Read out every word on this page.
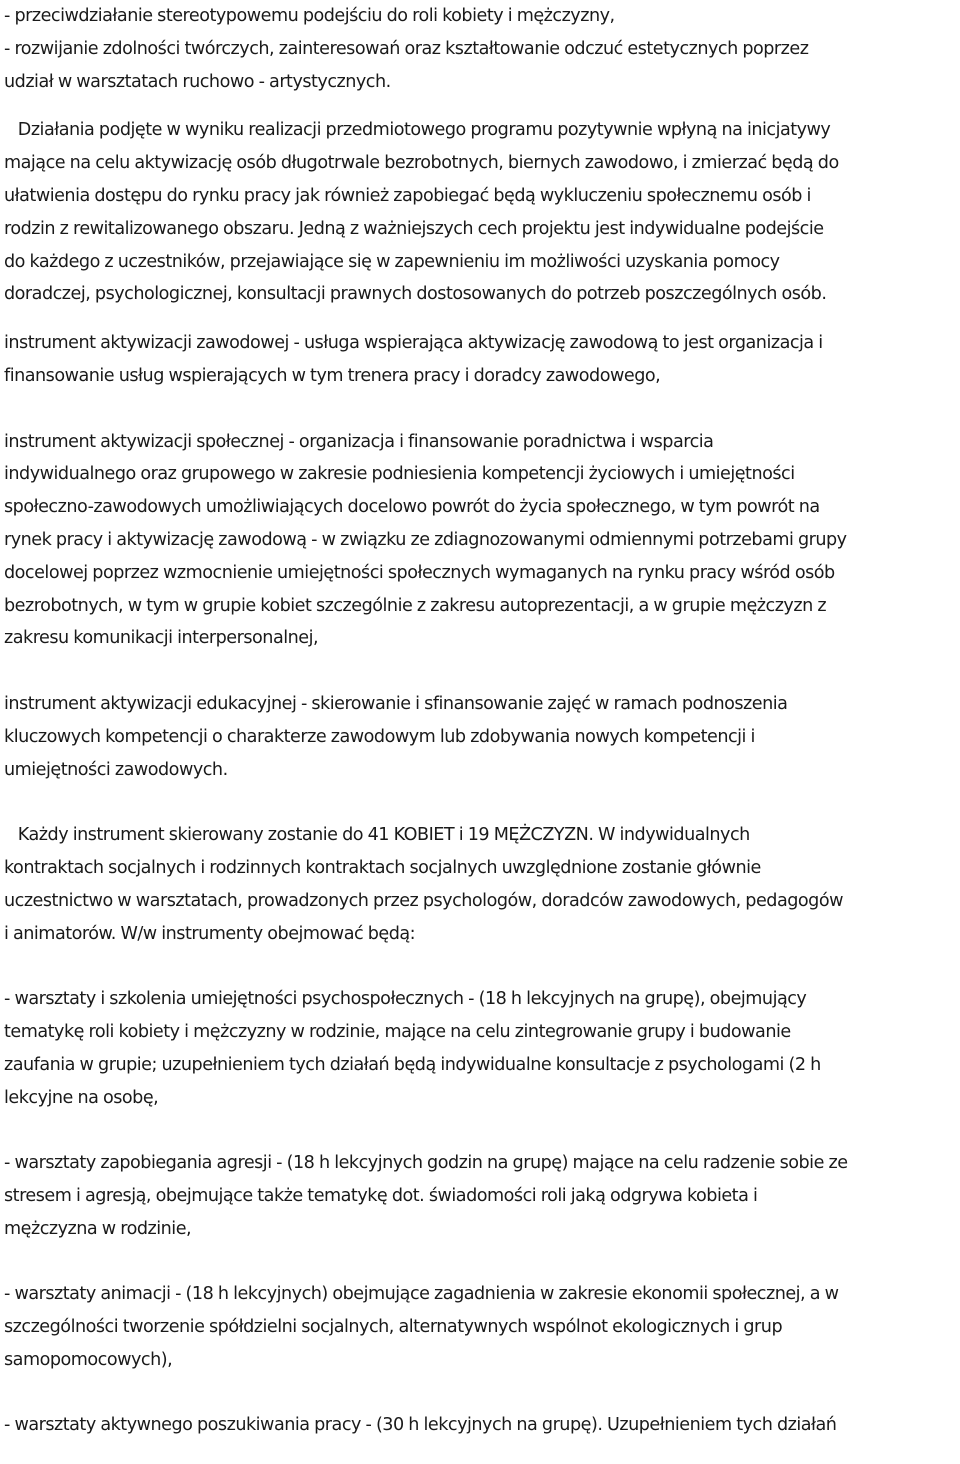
- przeciwdziałanie stereotypowemu podejściu do roli kobiety i mężczyzny,
- rozwijanie zdolności twórczych, zainteresowań oraz kształtowanie odczuć estetycznych poprzez
udział w warsztatach ruchowo - artystycznych.
Działania podjęte w wyniku realizacji przedmiotowego programu pozytywnie wpłyną na inicjatywy
mające na celu aktywizację osób długotrwale bezrobotnych, biernych zawodowo, i zmierzać będą do
ułatwienia dostępu do rynku pracy jak również zapobiegać będą wykluczeniu społecznemu osób i
rodzin z rewitalizowanego obszaru. Jedną z ważniejszych cech projektu jest indywidualne podejście
do każdego z uczestników, przejawiające się w zapewnieniu im możliwości uzyskania pomocy
doradczej, psychologicznej, konsultacji prawnych dostosowanych do potrzeb poszczególnych osób.
instrument aktywizacji zawodowej - usługa wspierająca aktywizację zawodową to jest organizacja i
finansowanie usług wspierających w tym trenera pracy i doradcy zawodowego,
instrument aktywizacji społecznej - organizacja i finansowanie poradnictwa i wsparcia
indywidualnego oraz grupowego w zakresie podniesienia kompetencji życiowych i umiejętności
społeczno-zawodowych umożliwiających docelowo powrót do życia społecznego, w tym powrót na
rynek pracy i aktywizację zawodową - w związku ze zdiagnozowanymi odmiennymi potrzebami grupy
docelowej poprzez wzmocnienie umiejętności społecznych wymaganych na rynku pracy wśród osób
bezrobotnych, w tym w grupie kobiet szczególnie z zakresu autoprezentacji, a w grupie mężczyzn z
zakresu komunikacji interpersonalnej,
instrument aktywizacji edukacyjnej - skierowanie i sfinansowanie zajęć w ramach podnoszenia
kluczowych kompetencji o charakterze zawodowym lub zdobywania nowych kompetencji i
umiejętności zawodowych.
Każdy instrument skierowany zostanie do 41 KOBIET i 19 MĘŻCZYZN. W indywidualnych
kontraktach socjalnych i rodzinnych kontraktach socjalnych uwzględnione zostanie głównie
uczestnictwo w warsztatach, prowadzonych przez psychologów, doradców zawodowych, pedagogów
i animatorów. W/w instrumenty obejmować będą:
- warsztaty i szkolenia umiejętności psychospołecznych - (18 h lekcyjnych na grupę), obejmujący
tematykę roli kobiety i mężczyzny w rodzinie, mające na celu zintegrowanie grupy i budowanie
zaufania w grupie; uzupełnieniem tych działań będą indywidualne konsultacje z psychologami (2 h
lekcyjne na osobę,
- warsztaty zapobiegania agresji - (18 h lekcyjnych godzin na grupę) mające na celu radzenie sobie ze
stresem i agresją, obejmujące także tematykę dot. świadomości roli jaką odgrywa kobieta i
mężczyzna w rodzinie,
- warsztaty animacji - (18 h lekcyjnych) obejmujące zagadnienia w zakresie ekonomii społecznej, a w
szczególności tworzenie spółdzielni socjalnych, alternatywnych wspólnot ekologicznych i grup
samopomocowych),
- warsztaty aktywnego poszukiwania pracy - (30 h lekcyjnych na grupę). Uzupełnieniem tych działań
